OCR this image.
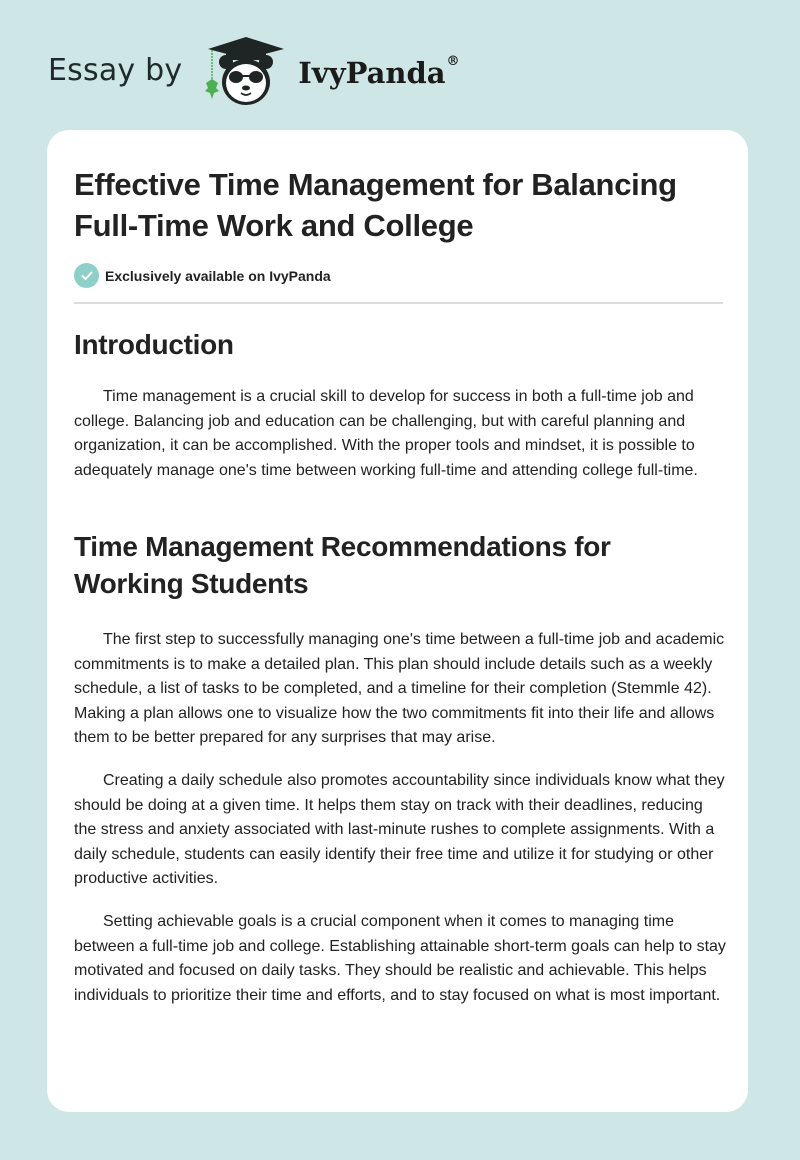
Essay by	IvyPanda®
Effective Time Management for Balancing Full-Time Work and College
Exclusively available on IvyPanda
Introduction

Time management is a crucial skill to develop for success in both a full-time job and college. Balancing job and education can be challenging, but with careful planning and organization, it can be accomplished. With the proper tools and mindset, it is possible to adequately manage one's time between working full-time and attending college full-time.

Time Management Recommendations for Working Students

The first step to successfully managing one's time between a full-time job and academic commitments is to make a detailed plan. This plan should include details such as a weekly schedule, a list of tasks to be completed, and a timeline for their completion (Stemmle 42). Making a plan allows one to visualize how the two commitments fit into their life and allows them to be better prepared for any surprises that may arise.

Creating a daily schedule also promotes accountability since individuals know what they should be doing at a given time. It helps them stay on track with their deadlines, reducing the stress and anxiety associated with last-minute rushes to complete assignments. With a daily schedule, students can easily identify their free time and utilize it for studying or other productive activities.

Setting achievable goals is a crucial component when it comes to managing time between a full-time job and college. Establishing attainable short-term goals can help to stay motivated and focused on daily tasks. They should be realistic and achievable. This helps individuals to prioritize their time and efforts, and to stay focused on what is most important.
